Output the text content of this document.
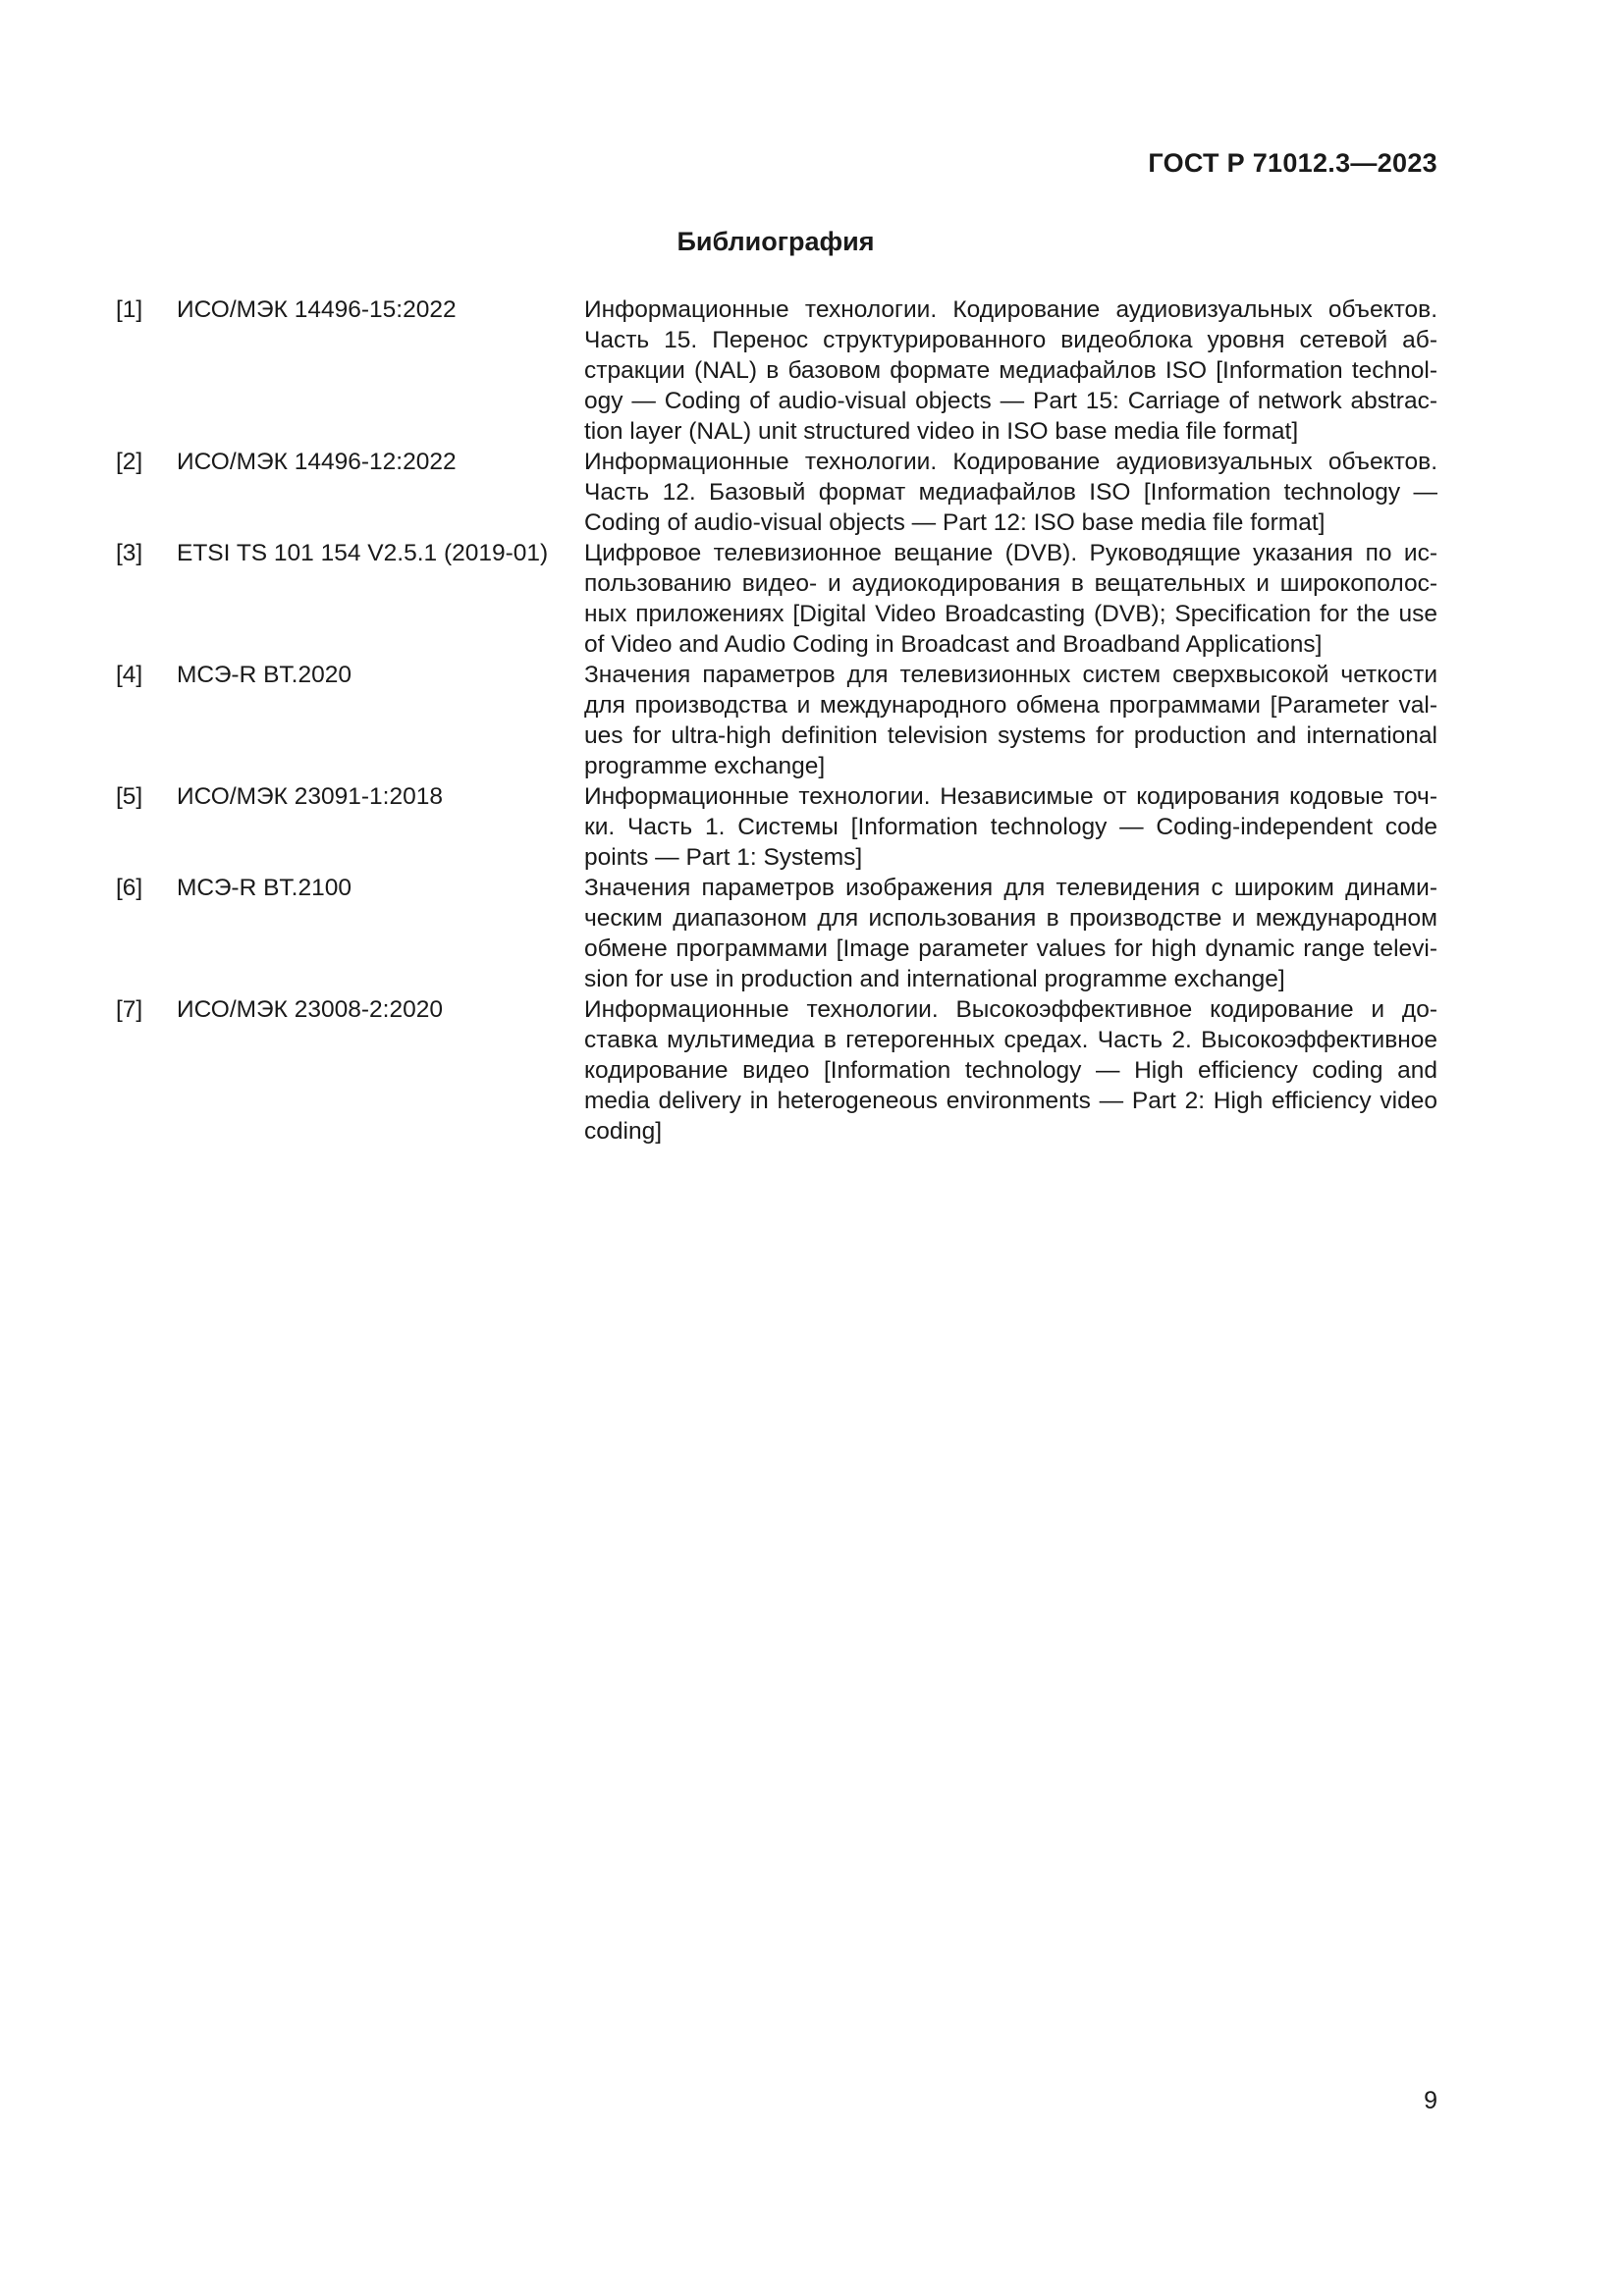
ГОСТ Р 71012.3—2023
Библиография
[1]	ИСО/МЭК 14496-15:2022	Информационные технологии. Кодирование аудиовизуальных объектов. Часть 15. Перенос структурированного видеоблока уровня сетевой абстракции (NAL) в базовом формате медиафайлов ISO [Information technology — Coding of audio-visual objects — Part 15: Carriage of network abstraction layer (NAL) unit structured video in ISO base media file format]
[2]	ИСО/МЭК 14496-12:2022	Информационные технологии. Кодирование аудиовизуальных объектов. Часть 12. Базовый формат медиафайлов ISO [Information technology — Coding of audio-visual objects — Part 12: ISO base media file format]
[3]	ETSI TS 101 154 V2.5.1 (2019-01)	Цифровое телевизионное вещание (DVB). Руководящие указания по использованию видео- и аудиокодирования в вещательных и широкополосных приложениях [Digital Video Broadcasting (DVB); Specification for the use of Video and Audio Coding in Broadcast and Broadband Applications]
[4]	МСЭ-R BT.2020	Значения параметров для телевизионных систем сверхвысокой четкости для производства и международного обмена программами [Parameter values for ultra-high definition television systems for production and international programme exchange]
[5]	ИСО/МЭК 23091-1:2018	Информационные технологии. Независимые от кодирования кодовые точки. Часть 1. Системы [Information technology — Coding-independent code points — Part 1: Systems]
[6]	МСЭ-R BT.2100	Значения параметров изображения для телевидения с широким динамическим диапазоном для использования в производстве и международном обмене программами [Image parameter values for high dynamic range television for use in production and international programme exchange]
[7]	ИСО/МЭК 23008-2:2020	Информационные технологии. Высокоэффективное кодирование и доставка мультимедиа в гетерогенных средах. Часть 2. Высокоэффективное кодирование видео [Information technology — High efficiency coding and media delivery in heterogeneous environments — Part 2: High efficiency video coding]
9
